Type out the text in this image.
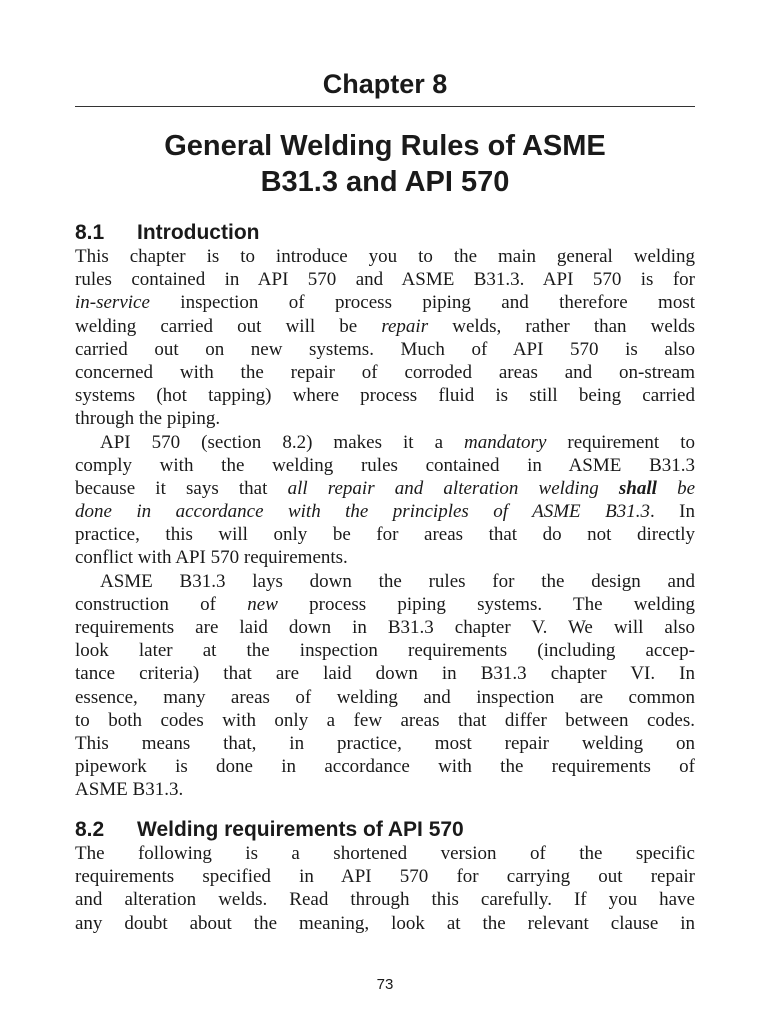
Chapter 8
General Welding Rules of ASME
B31.3 and API 570
8.1 Introduction
This chapter is to introduce you to the main general welding
rules contained in API 570 and ASME B31.3. API 570 is for
in-service inspection of process piping and therefore most
welding carried out will be repair welds, rather than welds
carried out on new systems. Much of API 570 is also
concerned with the repair of corroded areas and on-stream
systems (hot tapping) where process fluid is still being carried
through the piping.
API 570 (section 8.2) makes it a mandatory requirement to
comply with the welding rules contained in ASME B31.3
because it says that all repair and alteration welding shall be
done in accordance with the principles of ASME B31.3. In
practice, this will only be for areas that do not directly
conflict with API 570 requirements.
ASME B31.3 lays down the rules for the design and
construction of new process piping systems. The welding
requirements are laid down in B31.3 chapter V. We will also
look later at the inspection requirements (including accep-
tance criteria) that are laid down in B31.3 chapter VI. In
essence, many areas of welding and inspection are common
to both codes with only a few areas that differ between codes.
This means that, in practice, most repair welding on
pipework is done in accordance with the requirements of
ASME B31.3.
8.2 Welding requirements of API 570
The following is a shortened version of the specific
requirements specified in API 570 for carrying out repair
and alteration welds. Read through this carefully. If you have
any doubt about the meaning, look at the relevant clause in
73
